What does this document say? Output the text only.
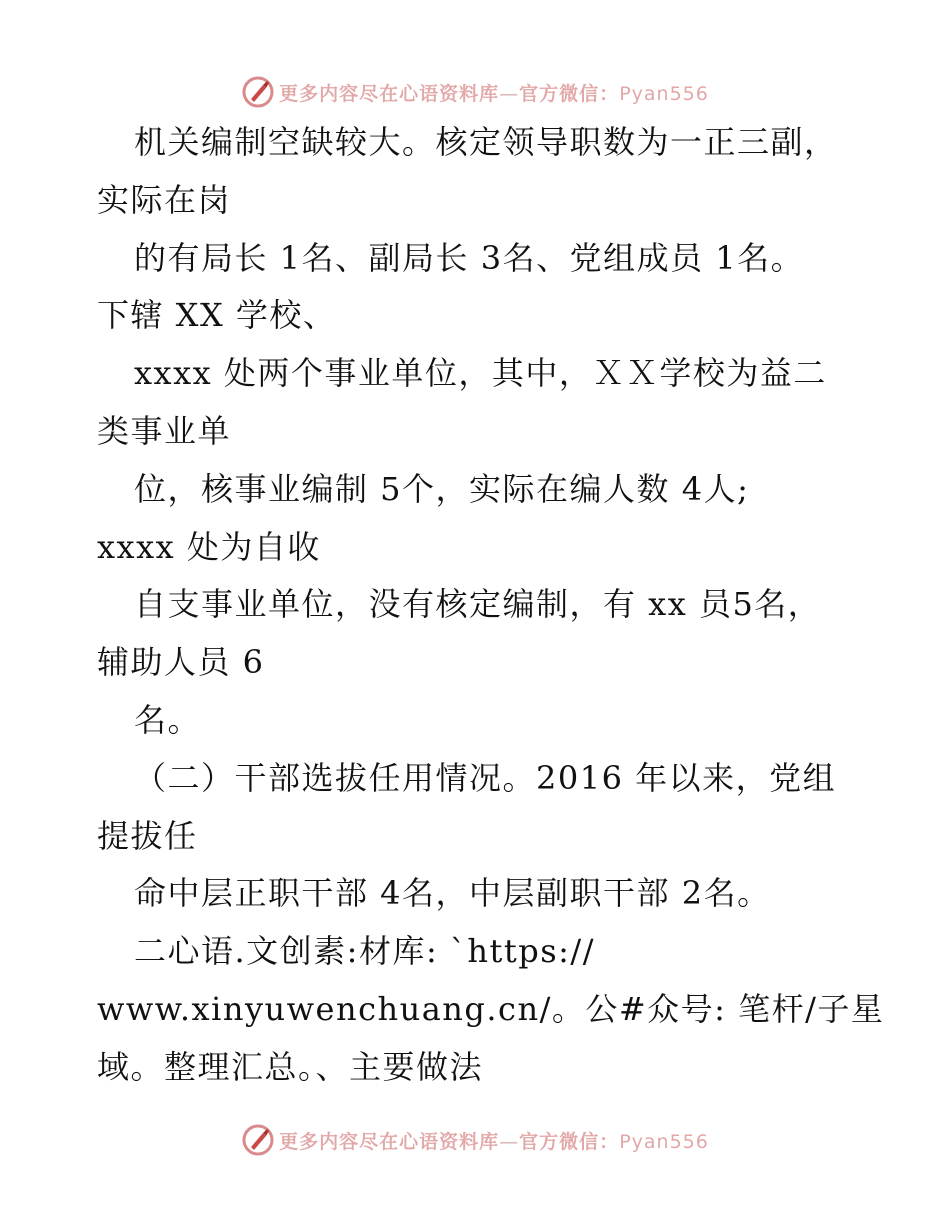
更多内容尽在心语资料库—官方微信：Pyan556
机关编制空缺较大。核定领导职数为一正三副，
实际在岗
的有局长 1名、副局长 3名、党组成员 1名。
下辖 XX 学校、
xxxx 处两个事业单位，其中，ＸＸ学校为益二
类事业单
位，核事业编制 5个，实际在编人数 4人;
xxxx 处为自收
自支事业单位，没有核定编制，有 xx 员5名，
辅助人员 6
名。
（二）干部选拔任用情况。2016 年以来，党组
提拔任
命中层正职干部 4名，中层副职干部 2名。
二心语.文创素:材库: `https://
www.xinyuwenchuang.cn/。公#众号: 笔杆/子星
域。整理汇总。、主要做法
更多内容尽在心语资料库—官方微信：Pyan556
